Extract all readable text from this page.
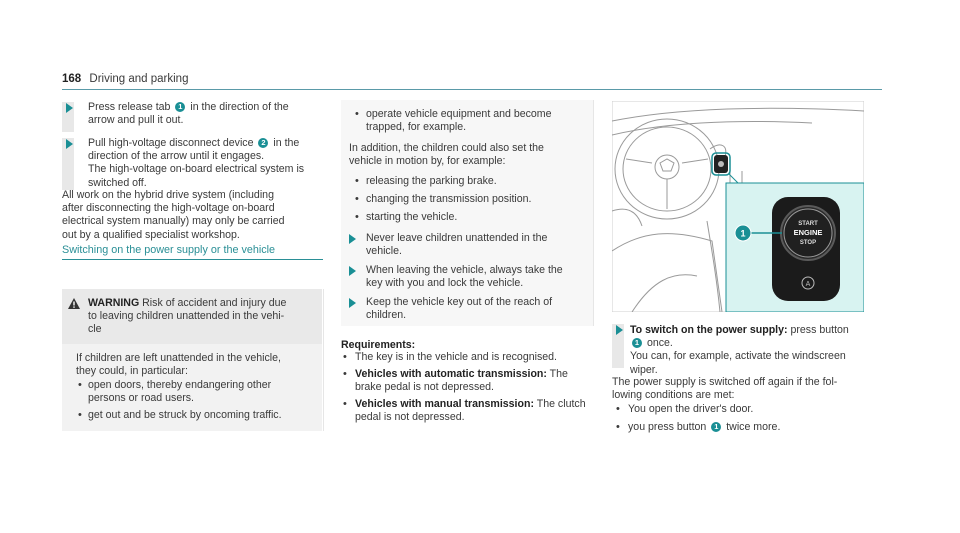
168 Driving and parking
Press release tab 1 in the direction of the
arrow and pull it out.
Pull high-voltage disconnect device 2 in the
direction of the arrow until it engages.
The high-voltage on-board electrical system is
switched off.
All work on the hybrid drive system (including
after disconnecting the high-voltage on-board
electrical system manually) may only be carried
out by a qualified specialist workshop.
Switching on the power supply or the vehicle
WARNING Risk of accident and injury due
to leaving children unattended in the vehi-
cle
If children are left unattended in the vehicle,
they could, in particular:
• open doors, thereby endangering other
persons or road users.
• get out and be struck by oncoming traffic.
• operate vehicle equipment and become
trapped, for example.
In addition, the children could also set the
vehicle in motion by, for example:
• releasing the parking brake.
• changing the transmission position.
• starting the vehicle.
Never leave children unattended in the
vehicle.
When leaving the vehicle, always take the
key with you and lock the vehicle.
Keep the vehicle key out of the reach of
children.
Requirements:
• The key is in the vehicle and is recognised.
• Vehicles with automatic transmission: The
brake pedal is not depressed.
• Vehicles with manual transmission: The clutch
pedal is not depressed.
START
ENGINE
STOP
A
1
To switch on the power supply: press button
1 once.
You can, for example, activate the windscreen
wiper.
The power supply is switched off again if the fol-
lowing conditions are met:
• You open the driver's door.
• you press button 1 twice more.
